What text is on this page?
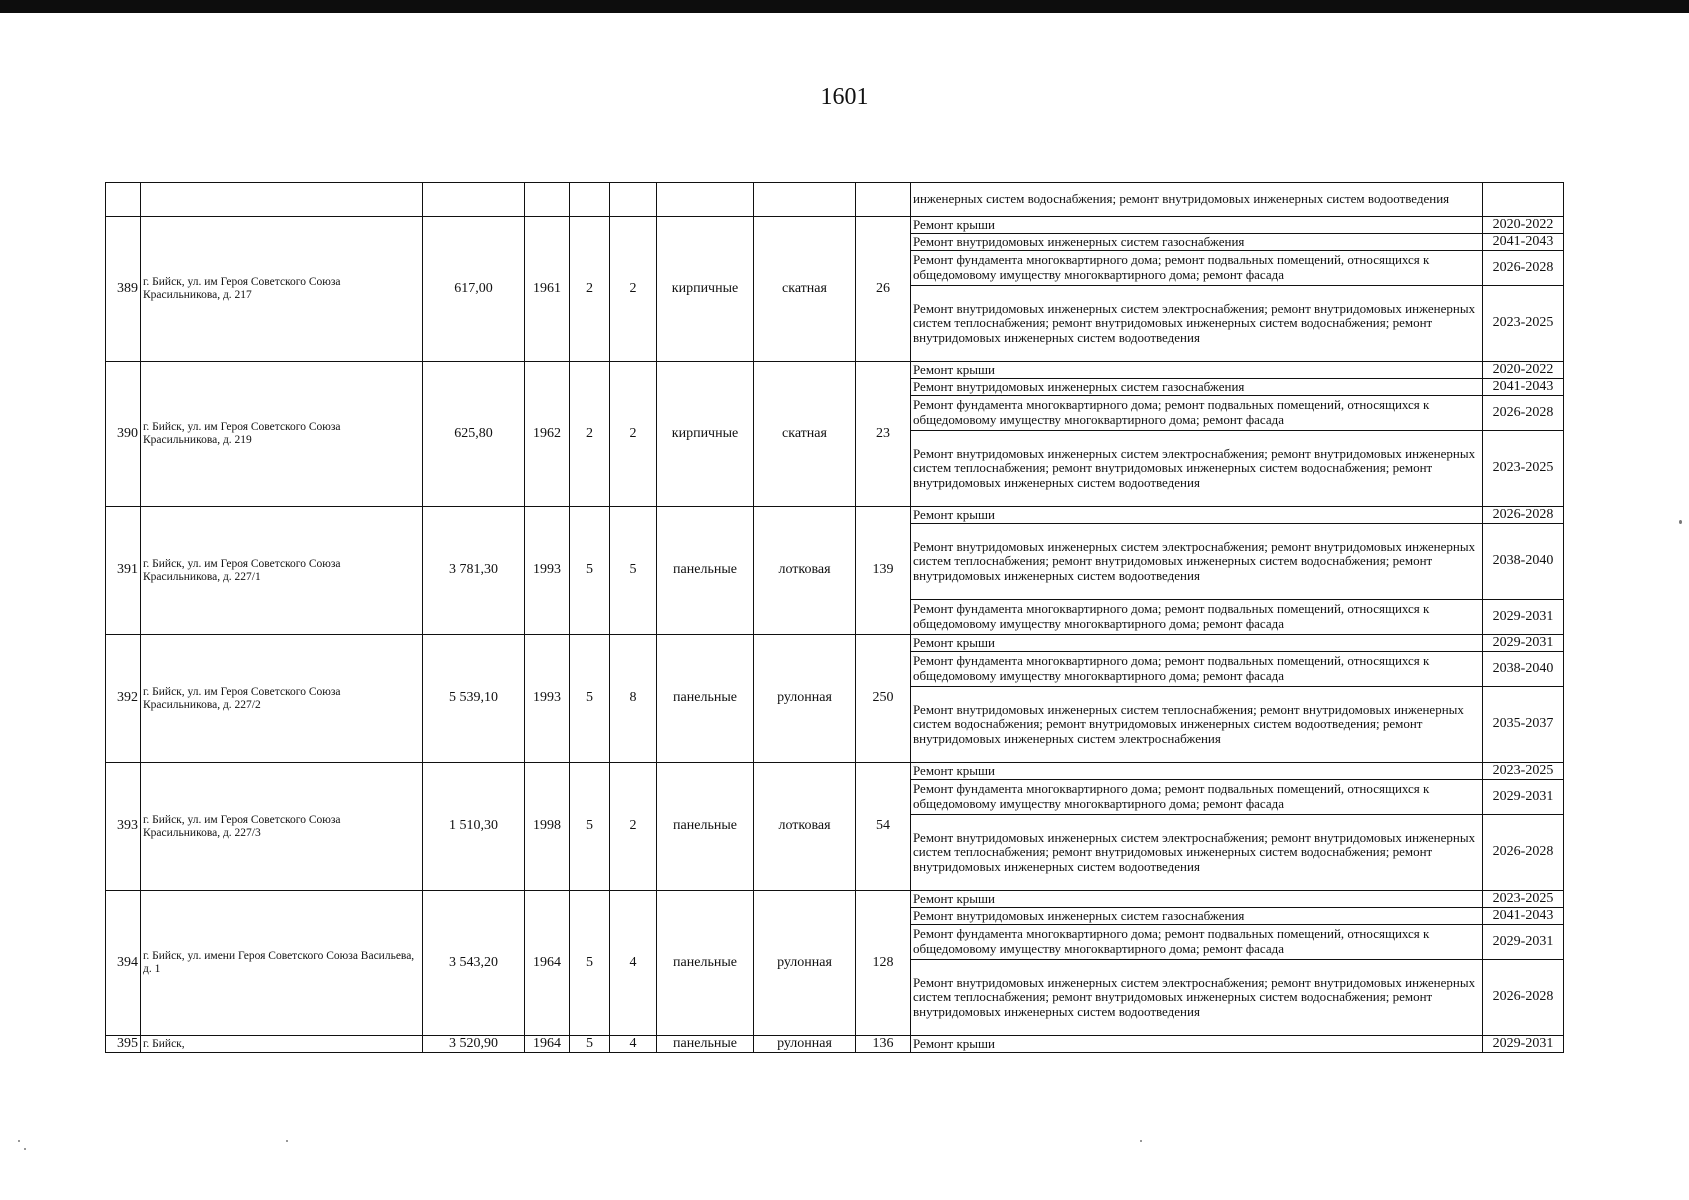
1601
									инженерных систем водоснабжения; ремонт внутридомовых инженерных систем водоотведения	
389	г. Бийск, ул. им Героя Советского Союза Красильникова, д. 217	617,00	1961	2	2	кирпичные	скатная	26	Ремонт крыши	2020-2022
									Ремонт внутридомовых инженерных систем газоснабжения	2041-2043
									Ремонт фундамента многоквартирного дома; ремонт подвальных помещений, относящихся к общедомовому имуществу многоквартирного дома; ремонт фасада	2026-2028
									Ремонт внутридомовых инженерных систем электроснабжения; ремонт внутридомовых инженерных систем теплоснабжения; ремонт внутридомовых инженерных систем водоснабжения; ремонт внутридомовых инженерных систем водоотведения	2023-2025
390	г. Бийск, ул. им Героя Советского Союза Красильникова, д. 219	625,80	1962	2	2	кирпичные	скатная	23	Ремонт крыши	2020-2022
									Ремонт внутридомовых инженерных систем газоснабжения	2041-2043
									Ремонт фундамента многоквартирного дома; ремонт подвальных помещений, относящихся к общедомовому имуществу многоквартирного дома; ремонт фасада	2026-2028
									Ремонт внутридомовых инженерных систем электроснабжения; ремонт внутридомовых инженерных систем теплоснабжения; ремонт внутридомовых инженерных систем водоснабжения; ремонт внутридомовых инженерных систем водоотведения	2023-2025
391	г. Бийск, ул. им Героя Советского Союза Красильникова, д. 227/1	3 781,30	1993	5	5	панельные	лотковая	139	Ремонт крыши	2026-2028
									Ремонт внутридомовых инженерных систем электроснабжения; ремонт внутридомовых инженерных систем теплоснабжения; ремонт внутридомовых инженерных систем водоснабжения; ремонт внутридомовых инженерных систем водоотведения	2038-2040
									Ремонт фундамента многоквартирного дома; ремонт подвальных помещений, относящихся к общедомовому имуществу многоквартирного дома; ремонт фасада	2029-2031
392	г. Бийск, ул. им Героя Советского Союза Красильникова, д. 227/2	5 539,10	1993	5	8	панельные	рулонная	250	Ремонт крыши	2029-2031
									Ремонт фундамента многоквартирного дома; ремонт подвальных помещений, относящихся к общедомовому имуществу многоквартирного дома; ремонт фасада	2038-2040
									Ремонт внутридомовых инженерных систем теплоснабжения; ремонт внутридомовых инженерных систем водоснабжения; ремонт внутридомовых инженерных систем водоотведения; ремонт внутридомовых инженерных систем электроснабжения	2035-2037
393	г. Бийск, ул. им Героя Советского Союза Красильникова, д. 227/3	1 510,30	1998	5	2	панельные	лотковая	54	Ремонт крыши	2023-2025
									Ремонт фундамента многоквартирного дома; ремонт подвальных помещений, относящихся к общедомовому имуществу многоквартирного дома; ремонт фасада	2029-2031
									Ремонт внутридомовых инженерных систем электроснабжения; ремонт внутридомовых инженерных систем теплоснабжения; ремонт внутридомовых инженерных систем водоснабжения; ремонт внутридомовых инженерных систем водоотведения	2026-2028
394	г. Бийск, ул. имени Героя Советского Союза Васильева, д. 1	3 543,20	1964	5	4	панельные	рулонная	128	Ремонт крыши	2023-2025
									Ремонт внутридомовых инженерных систем газоснабжения	2041-2043
									Ремонт фундамента многоквартирного дома; ремонт подвальных помещений, относящихся к общедомовому имуществу многоквартирного дома; ремонт фасада	2029-2031
									Ремонт внутридомовых инженерных систем электроснабжения; ремонт внутридомовых инженерных систем теплоснабжения; ремонт внутридомовых инженерных систем водоснабжения; ремонт внутридомовых инженерных систем водоотведения	2026-2028
395	г. Бийск,	3 520,90	1964	5	4	панельные	рулонная	136	Ремонт крыши	2029-2031
